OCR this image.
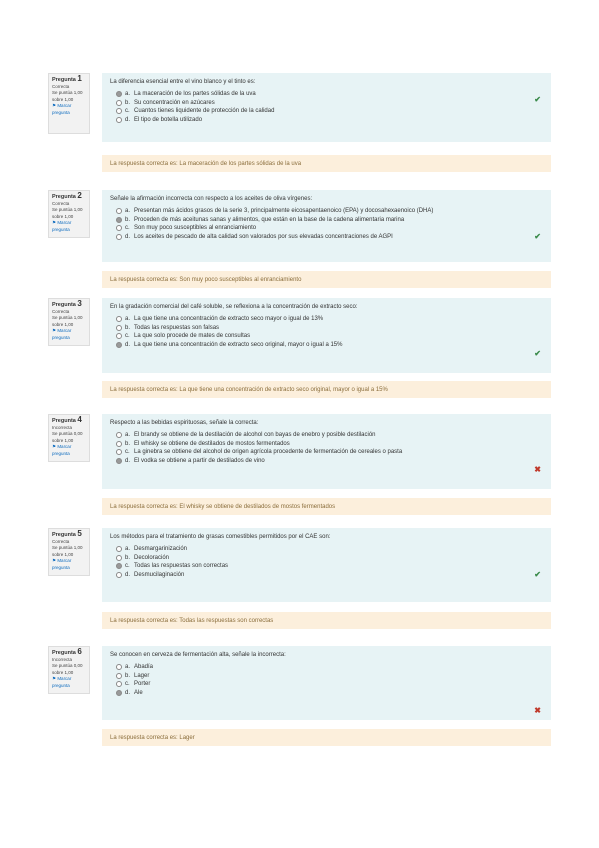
Pregunta 1
Correcta
Se puntúa 1,00 sobre 1,00
⚑ Marcar pregunta
La diferencia esencial entre el vino blanco y el tinto es:
a. La maceración de los partes sólidas de la uva
b. Su concentración en azúcares
c. Cuantos tienes liquidente de protección de la calidad
d. El tipo de botella utilizado
✔
La respuesta correcta es: La maceración de los partes sólidas de la uva
Pregunta 2
Correcta
Se puntúa 1,00 sobre 1,00
⚑ Marcar pregunta
Señale la afirmación incorrecta con respecto a los aceites de oliva vírgenes:
a. Presentan más ácidos grasos de la serie 3, principalmente eicosapentaenoico (EPA) y docosahexaenoico (DHA)
b. Proceden de más aceitunas sanas y alimentos, que están en la base de la cadena alimentaria marina
c. Son muy poco susceptibles al enranciamiento
d. Los aceites de pescado de alta calidad son valorados por sus elevadas concentraciones de AGPI	✔
La respuesta correcta es: Son muy poco susceptibles al enranciamiento
Pregunta 3
Correcta
Se puntúa 1,00 sobre 1,00
⚑ Marcar pregunta
En la gradación comercial del café soluble, se reflexiona a la concentración de extracto seco:
a. La que tiene una concentración de extracto seco mayor o igual de 13%
b. Todas las respuestas son falsas
c. La que solo procede de mates de consultas
d. La que tiene una concentración de extracto seco original, mayor o igual a 15%
✔
La respuesta correcta es: La que tiene una concentración de extracto seco original, mayor o igual a 15%
Pregunta 4
Incorrecta
Se puntúa 0,00 sobre 1,00
⚑ Marcar pregunta
Respecto a las bebidas espirituosas, señale la correcta:
a. El brandy se obtiene de la destilación de alcohol con bayas de enebro y posible destilación
b. El whisky se obtiene de destilados de mostos fermentados
c. La ginebra se obtiene del alcohol de origen agrícola procedente de fermentación de cereales o pasta
d. El vodka se obtiene a partir de destilados de vino
✖
La respuesta correcta es: El whisky se obtiene de destilados de mostos fermentados
Pregunta 5
Correcta
Se puntúa 1,00 sobre 1,00
⚑ Marcar pregunta
Los métodos para el tratamiento de grasas comestibles permitidos por el CAE son:
a. Desmargarinización
b. Decoloración
c. Todas las respuestas son correctas
d. Desmucilaginación	✔
La respuesta correcta es: Todas las respuestas son correctas
Pregunta 6
Incorrecta
Se puntúa 0,00 sobre 1,00
⚑ Marcar pregunta
Se conocen en cerveza de fermentación alta, señale la incorrecta:
a. Abadía
b. Lager
c. Porter
d. Ale
✖
La respuesta correcta es: Lager
